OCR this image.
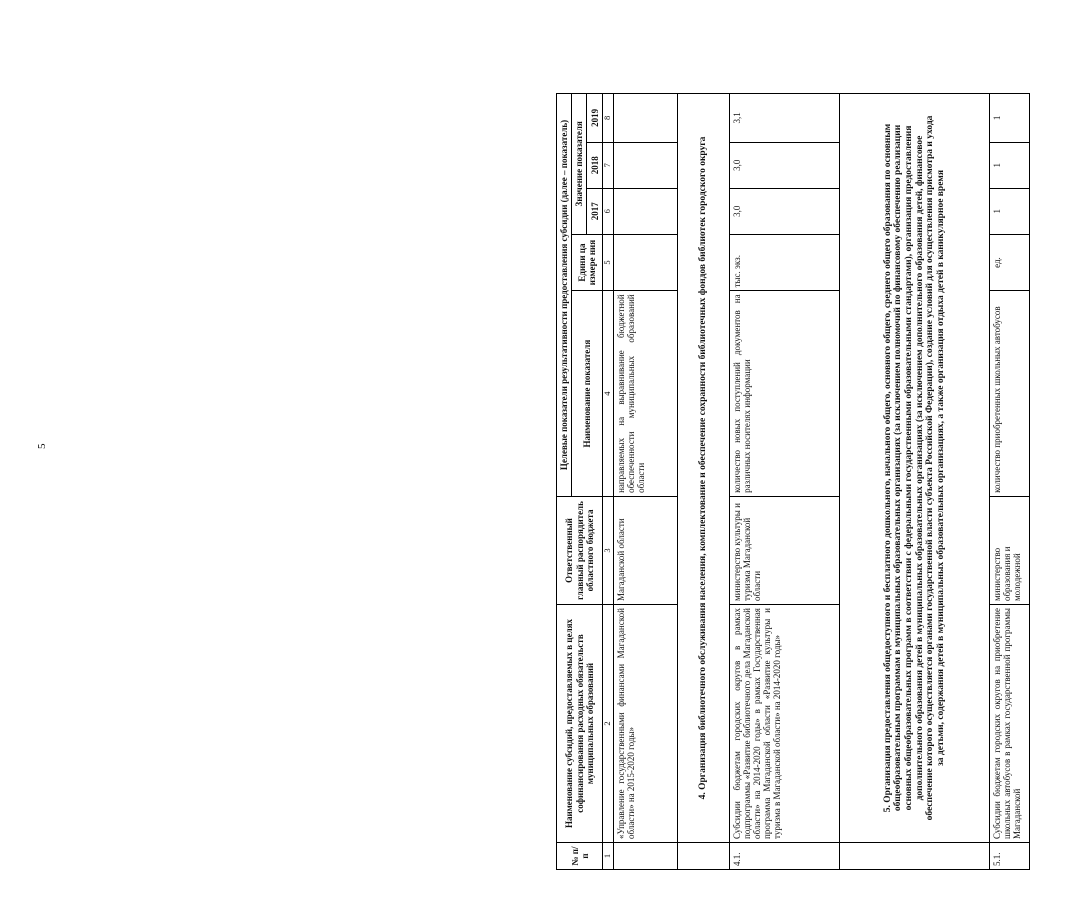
5
№ п/п	Наименование субсидий, предоставляемых в целях софинансирования расходных обязательств муниципальных образований	Ответственный главный распорядитель областного бюджета	Целевые показатели результативности предоставления субсидии (далее – показатель)				
			Наименование показателя	Едини ца измере ния	Значение показателя		
					2017	2018	2019
1	2	3	4	5	6	7	8
	«Управление государственными финансами Магаданской области» на 2015-2020 годы»	Магаданской области	направляемых на выравнивание бюджетной обеспеченности муниципальных образований области				
	4. Организация библиотечного обслуживания населения, комплектование и обеспечение сохранности библиотечных фондов библиотек городского округа						
4.1.	Субсидии бюджетам городских округов в рамках подпрограммы «Развитие библиотечного дела Магаданской области» на 2014-2020 годы» в рамках Государственная программа Магаданской области «Развитие культуры и туризма в Магаданской области» на 2014-2020 годы»	министерство культуры и туризма Магаданской области	количество новых поступлений документов на различных носителях информации	тыс. экз.	3,0	3,0	3,1
	5. Организация предоставления общедоступного и бесплатного дошкольного, начального общего, основного общего, среднего общего образования по основным общеобразовательным программам в муниципальных образовательных организациях (за исключением полномочий по финансовому обеспечению реализации основных общеобразовательных программ в соответствии с федеральными государственными образовательными стандартами), организация предоставления дополнительного образования детей в муниципальных образовательных организациях (за исключением дополнительного образования детей, финансовое обеспечение которого осуществляется органами государственной власти субъекта Российской Федерации), создание условий для осуществления присмотра и ухода за детьми, содержания детей в муниципальных образовательных организациях, а также организация отдыха детей в каникулярное время						
5.1.	Субсидии бюджетам городских округов на приобретение школьных автобусов в рамках государственной программы Магаданской	министерство образования и молодежной	количество приобретенных школьных автобусов	ед.	1	1	1
